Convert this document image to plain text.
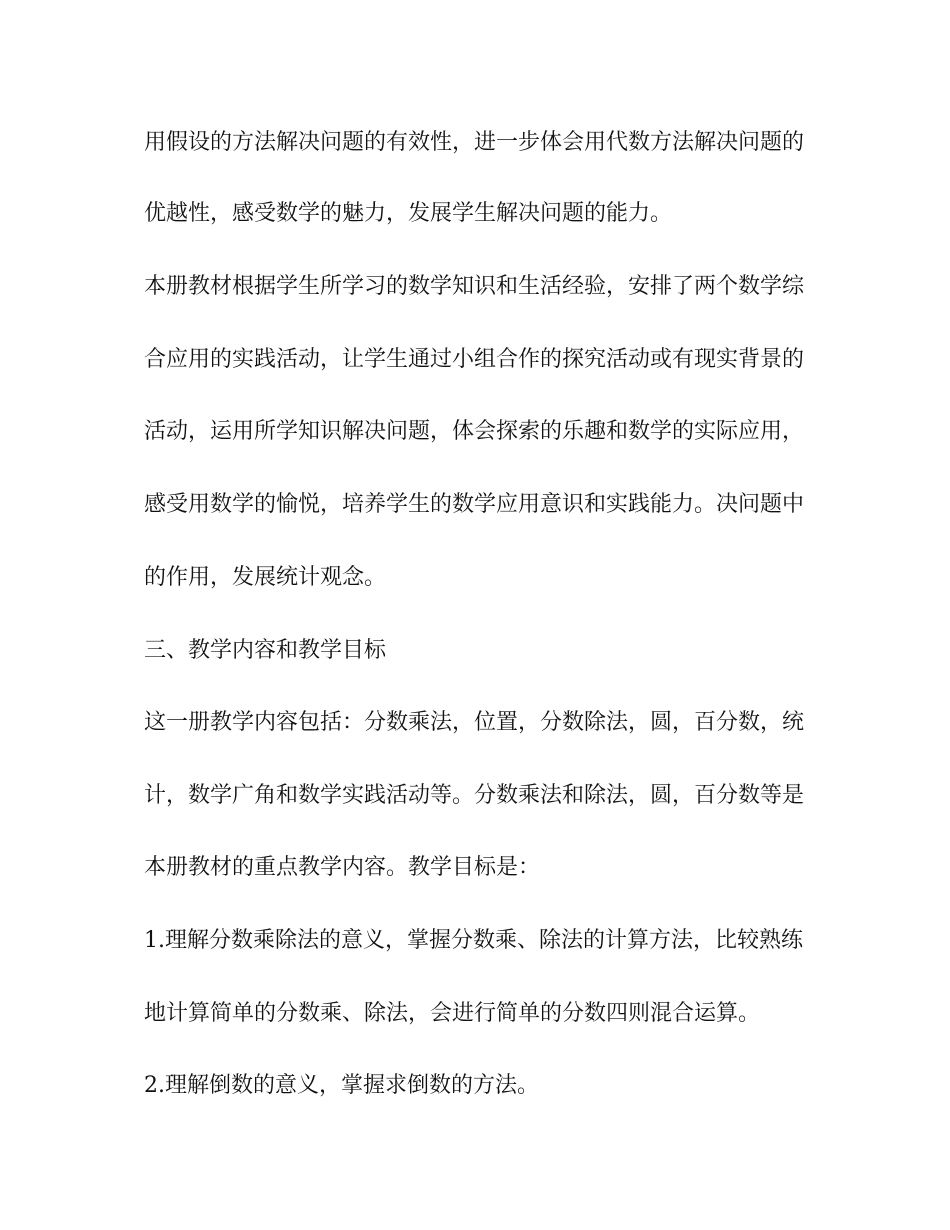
用假设的方法解决问题的有效性，进一步体会用代数方法解决问题的
优越性，感受数学的魅力，发展学生解决问题的能力。
本册教材根据学生所学习的数学知识和生活经验，安排了两个数学综
合应用的实践活动，让学生通过小组合作的探究活动或有现实背景的
活动，运用所学知识解决问题，体会探索的乐趣和数学的实际应用，
感受用数学的愉悦，培养学生的数学应用意识和实践能力。决问题中
的作用，发展统计观念。
三、教学内容和教学目标
这一册教学内容包括：分数乘法，位置，分数除法，圆，百分数，统
计，数学广角和数学实践活动等。分数乘法和除法，圆，百分数等是
本册教材的重点教学内容。教学目标是：
1.理解分数乘除法的意义，掌握分数乘、除法的计算方法，比较熟练
地计算简单的分数乘、除法，会进行简单的分数四则混合运算。
2.理解倒数的意义，掌握求倒数的方法。
